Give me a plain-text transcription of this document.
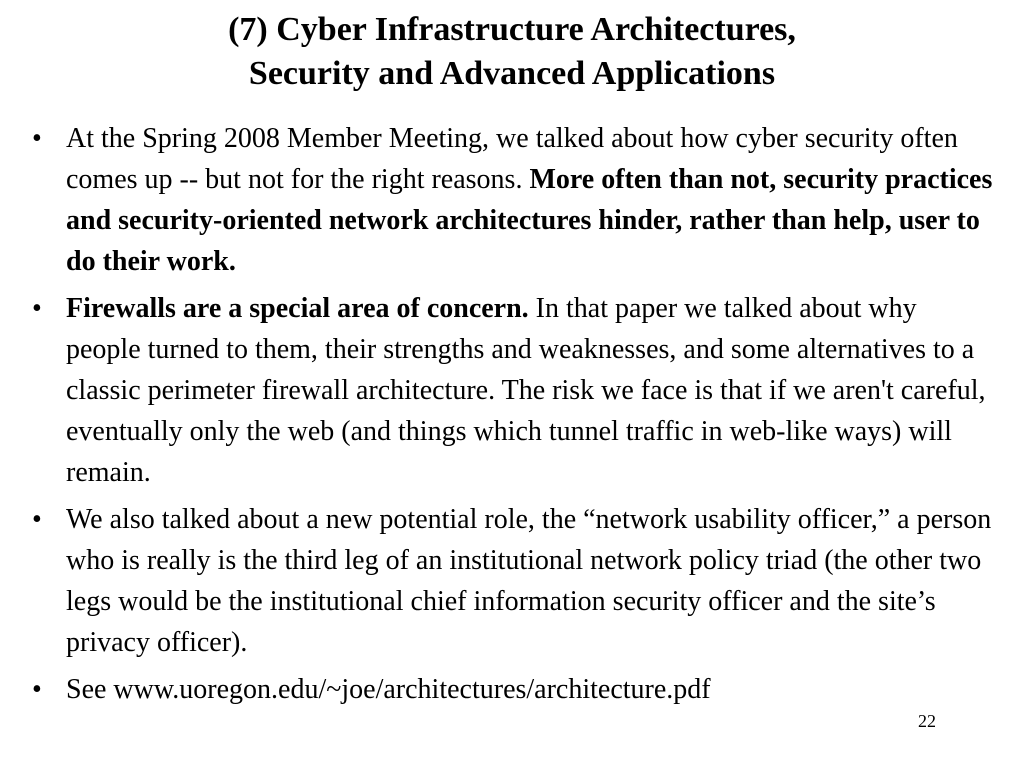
(7) Cyber Infrastructure Architectures,
Security and Advanced Applications
• At the Spring 2008 Member Meeting, we talked about how cyber security often comes up -- but not for the right reasons. More often than not, security practices and security-oriented network architectures hinder, rather than help, user to do their work.
• Firewalls are a special area of concern. In that paper we talked about why people turned to them, their strengths and weaknesses, and some alternatives to a classic perimeter firewall architecture. The risk we face is that if we aren't careful, eventually only the web (and things which tunnel traffic in web-like ways) will remain.
• We also talked about a new potential role, the “network usability officer,” a person who is really is the third leg of an institutional network policy triad (the other two legs would be the institutional chief information security officer and the site’s privacy officer).
• See www.uoregon.edu/~joe/architectures/architecture.pdf
22
